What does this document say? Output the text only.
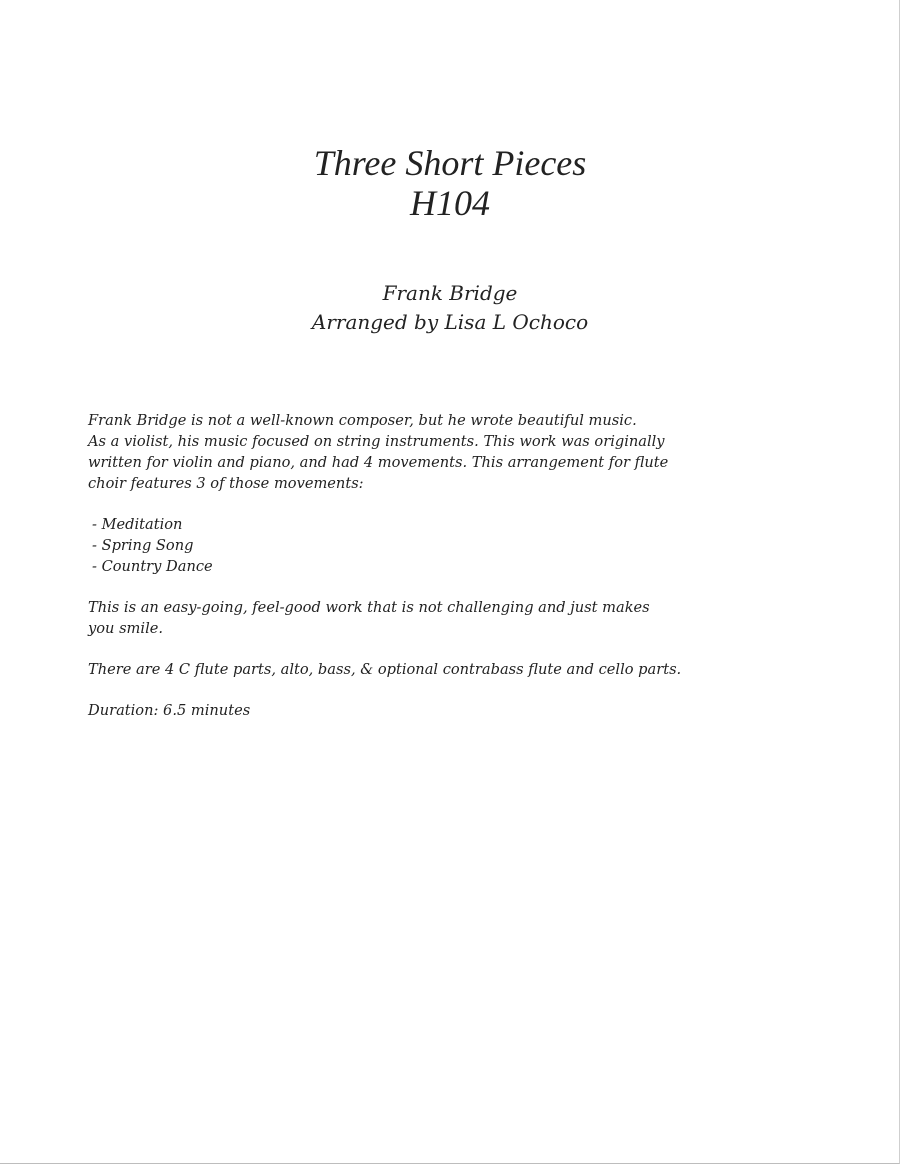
Three Short Pieces
H104
Frank Bridge
Arranged by Lisa L Ochoco
Frank Bridge is not a well-known composer, but he wrote beautiful music.
As a violist, his music focused on string instruments. This work was originally
written for violin and piano, and had 4 movements. This arrangement for flute
choir features 3 of those movements:
- Meditation
- Spring Song
- Country Dance
This is an easy-going, feel-good work that is not challenging and just makes
you smile.
There are 4 C flute parts, alto, bass, & optional contrabass flute and cello parts.
Duration: 6.5 minutes
